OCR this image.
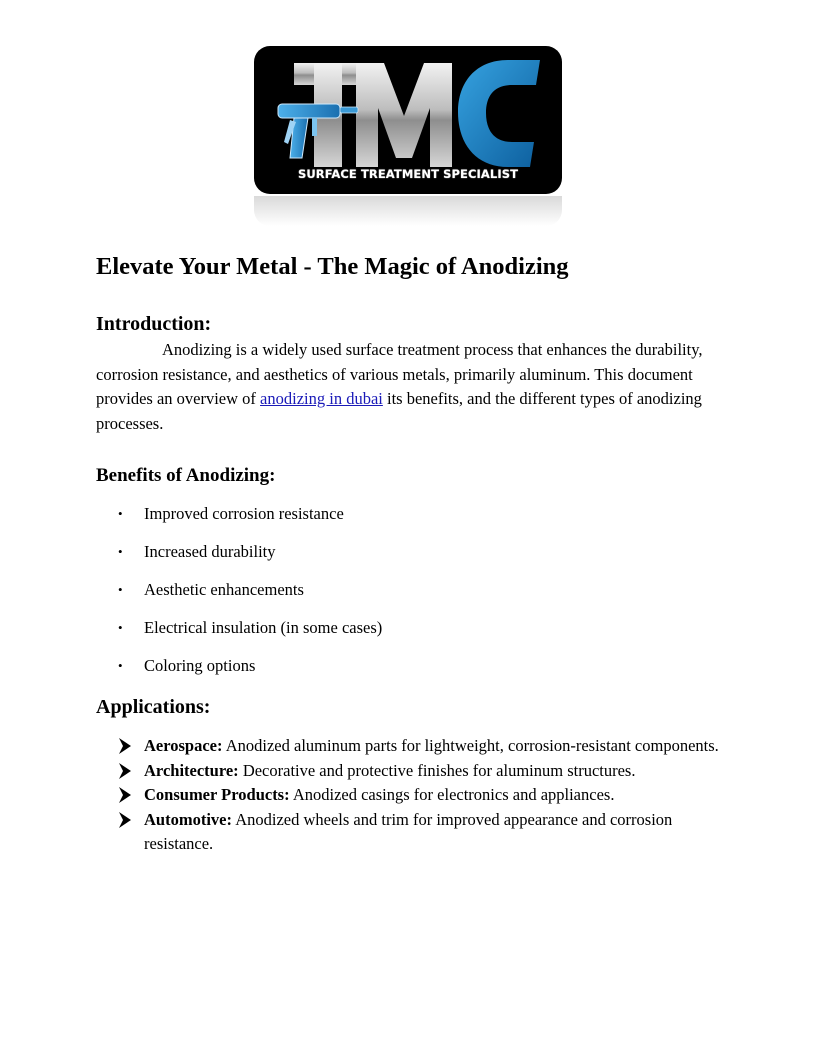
SURFACE TREATMENT SPECIALIST
Elevate Your Metal - The Magic of Anodizing
Introduction:

Anodizing is a widely used surface treatment process that enhances the durability, corrosion resistance, and aesthetics of various metals, primarily aluminum. This document provides an overview of anodizing in dubai its benefits, and the different types of anodizing processes.

Benefits of Anodizing:
•	Improved corrosion resistance
•	Increased durability
•	Aesthetic enhancements
•	Electrical insulation (in some cases)
•	Coloring options
Applications:
Aerospace: Anodized aluminum parts for lightweight, corrosion-resistant components.
Architecture: Decorative and protective finishes for aluminum structures.
Consumer Products: Anodized casings for electronics and appliances.
Automotive: Anodized wheels and trim for improved appearance and corrosion resistance.
